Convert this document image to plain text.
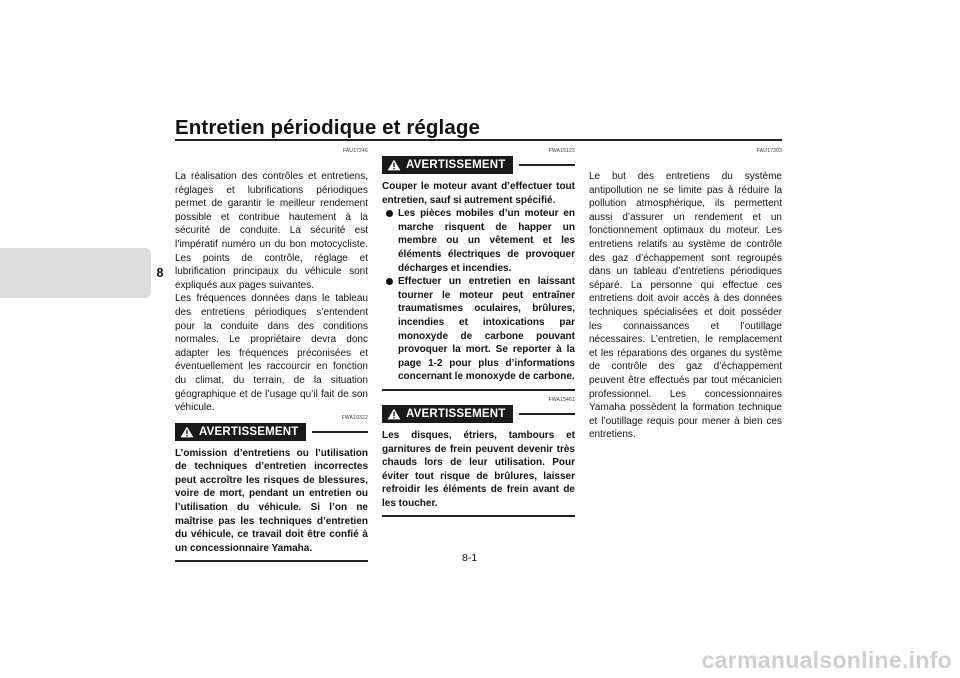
Entretien périodique et réglage
8
FAU17246

La réalisation des contrôles et entretiens, réglages et lubrifications périodiques permet de garantir le meilleur rendement possible et contribue hautement à la sécurité de conduite. La sécurité est l’impératif numéro un du bon motocycliste. Les points de contrôle, réglage et lubrification principaux du véhicule sont expliqués aux pages suivantes.

Les fréquences données dans le tableau des entretiens périodiques s’entendent pour la conduite dans des conditions normales. Le propriétaire devra donc adapter les fréquences préconisées et éventuellement les raccourcir en fonction du climat, du terrain, de la situation géographique et de l’usage qu’il fait de son véhicule.

FWA10322
AVERTISSEMENT

L’omission d’entretiens ou l’utilisation de techniques d’entretien incorrectes peut accroître les risques de blessures, voire de mort, pendant un entretien ou l’utilisation du véhicule. Si l’on ne maîtrise pas les techniques d’entretien du véhicule, ce travail doit être confié à un concessionnaire Yamaha.

FWA15123
AVERTISSEMENT

Couper le moteur avant d’effectuer tout entretien, sauf si autrement spécifié.

Les pièces mobiles d’un moteur en marche risquent de happer un membre ou un vêtement et les éléments électriques de provoquer décharges et incendies.
Effectuer un entretien en laissant tourner le moteur peut entraîner traumatismes oculaires, brûlures, incendies et intoxications par monoxyde de carbone pouvant provoquer la mort. Se reporter à la page 1-2 pour plus d’informations concernant le monoxyde de carbone.
FWA15461
AVERTISSEMENT

Les disques, étriers, tambours et garnitures de frein peuvent devenir très chauds lors de leur utilisation. Pour éviter tout risque de brûlures, laisser refroidir les éléments de frein avant de les toucher.

FAU17303

Le but des entretiens du système antipollution ne se limite pas à réduire la pollution atmosphérique, ils permettent aussi d’assurer un rendement et un fonctionnement optimaux du moteur. Les entretiens relatifs au système de contrôle des gaz d’échappement sont regroupés dans un tableau d’entretiens périodiques séparé. La personne qui effectue ces entretiens doit avoir accès à des données techniques spécialisées et doit posséder les connaissances et l’outillage nécessaires. L’entretien, le remplacement et les réparations des organes du système de contrôle des gaz d’échappement peuvent être effectués par tout mécanicien professionnel. Les concessionnaires Yamaha possèdent la formation technique et l’outillage requis pour mener à bien ces entretiens.

8-1
carmanualsonline.info
